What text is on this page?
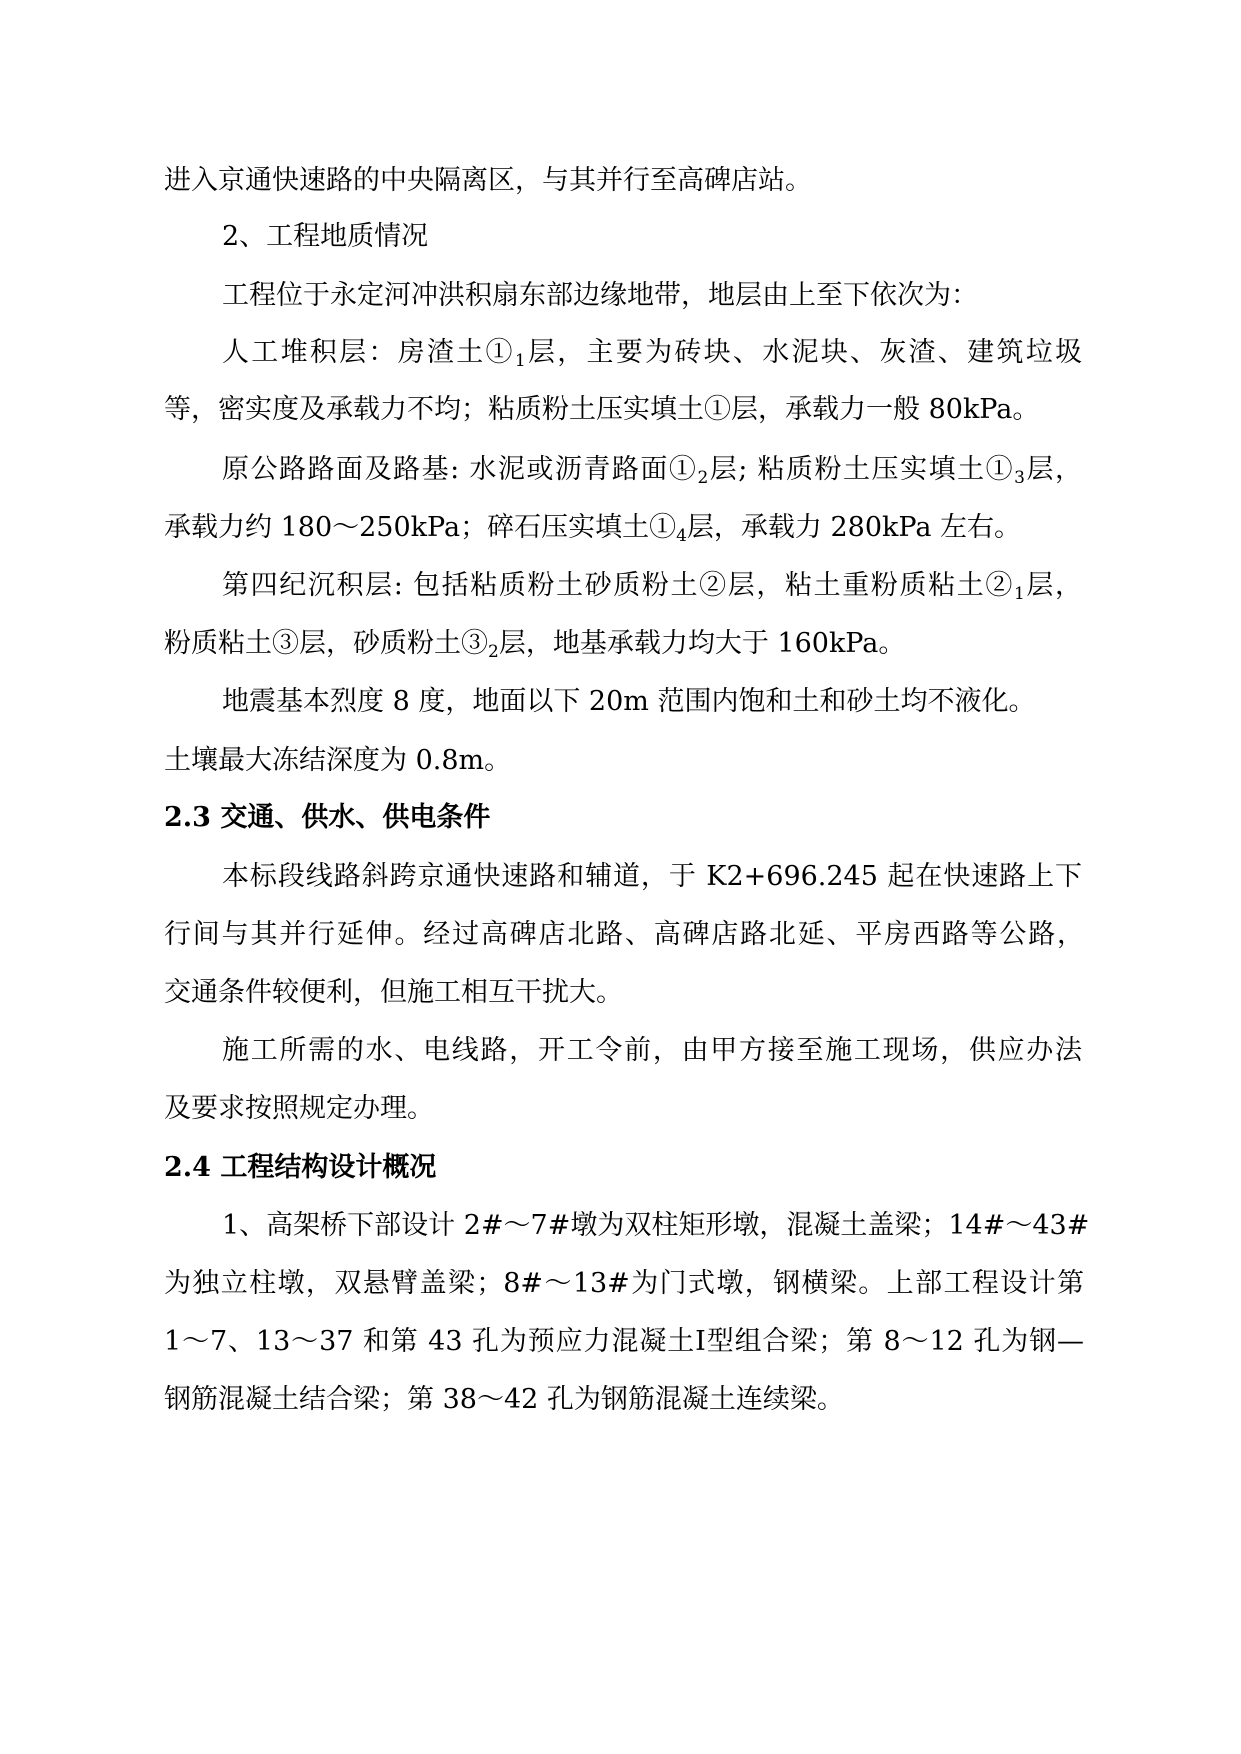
进入京通快速路的中央隔离区，与其并行至高碑店站。
2、工程地质情况
工程位于永定河冲洪积扇东部边缘地带，地层由上至下依次为：
人工堆积层：房渣土$①_1$层，主要为砖块、水泥块、灰渣、建筑垃圾
等，密实度及承载力不均；粘质粉土压实填土①层，承载力一般 80kPa。
原公路路面及路基: 水泥或沥青路面$①_2$层; 粘质粉土压实填土$①_3$层，
承载力约 180～250kPa；碎石压实填土$①_4$层，承载力 280kPa 左右。
第四纪沉积层: 包括粘质粉土砂质粉土②层，粘土重粉质粘土$②_1$层，
粉质粘土③层，砂质粉土$③_2$层，地基承载力均大于 160kPa。
地震基本烈度 8 度，地面以下 20m 范围内饱和土和砂土均不液化。
土壤最大冻结深度为 0.8m。
2.3 交通、供水、供电条件
本标段线路斜跨京通快速路和辅道，于 K2+696.245 起在快速路上下
行间与其并行延伸。经过高碑店北路、高碑店路北延、平房西路等公路，
交通条件较便利，但施工相互干扰大。
施工所需的水、电线路，开工令前，由甲方接至施工现场，供应办法
及要求按照规定办理。
2.4 工程结构设计概况
1、高架桥下部设计 2#～7#墩为双柱矩形墩，混凝土盖梁；14#～43#
为独立柱墩，双悬臂盖梁；8#～13#为门式墩，钢横梁。上部工程设计第
1～7、13～37 和第 43 孔为预应力混凝土Ⅰ型组合梁；第 8～12 孔为钢—
钢筋混凝土结合梁；第 38～42 孔为钢筋混凝土连续梁。
